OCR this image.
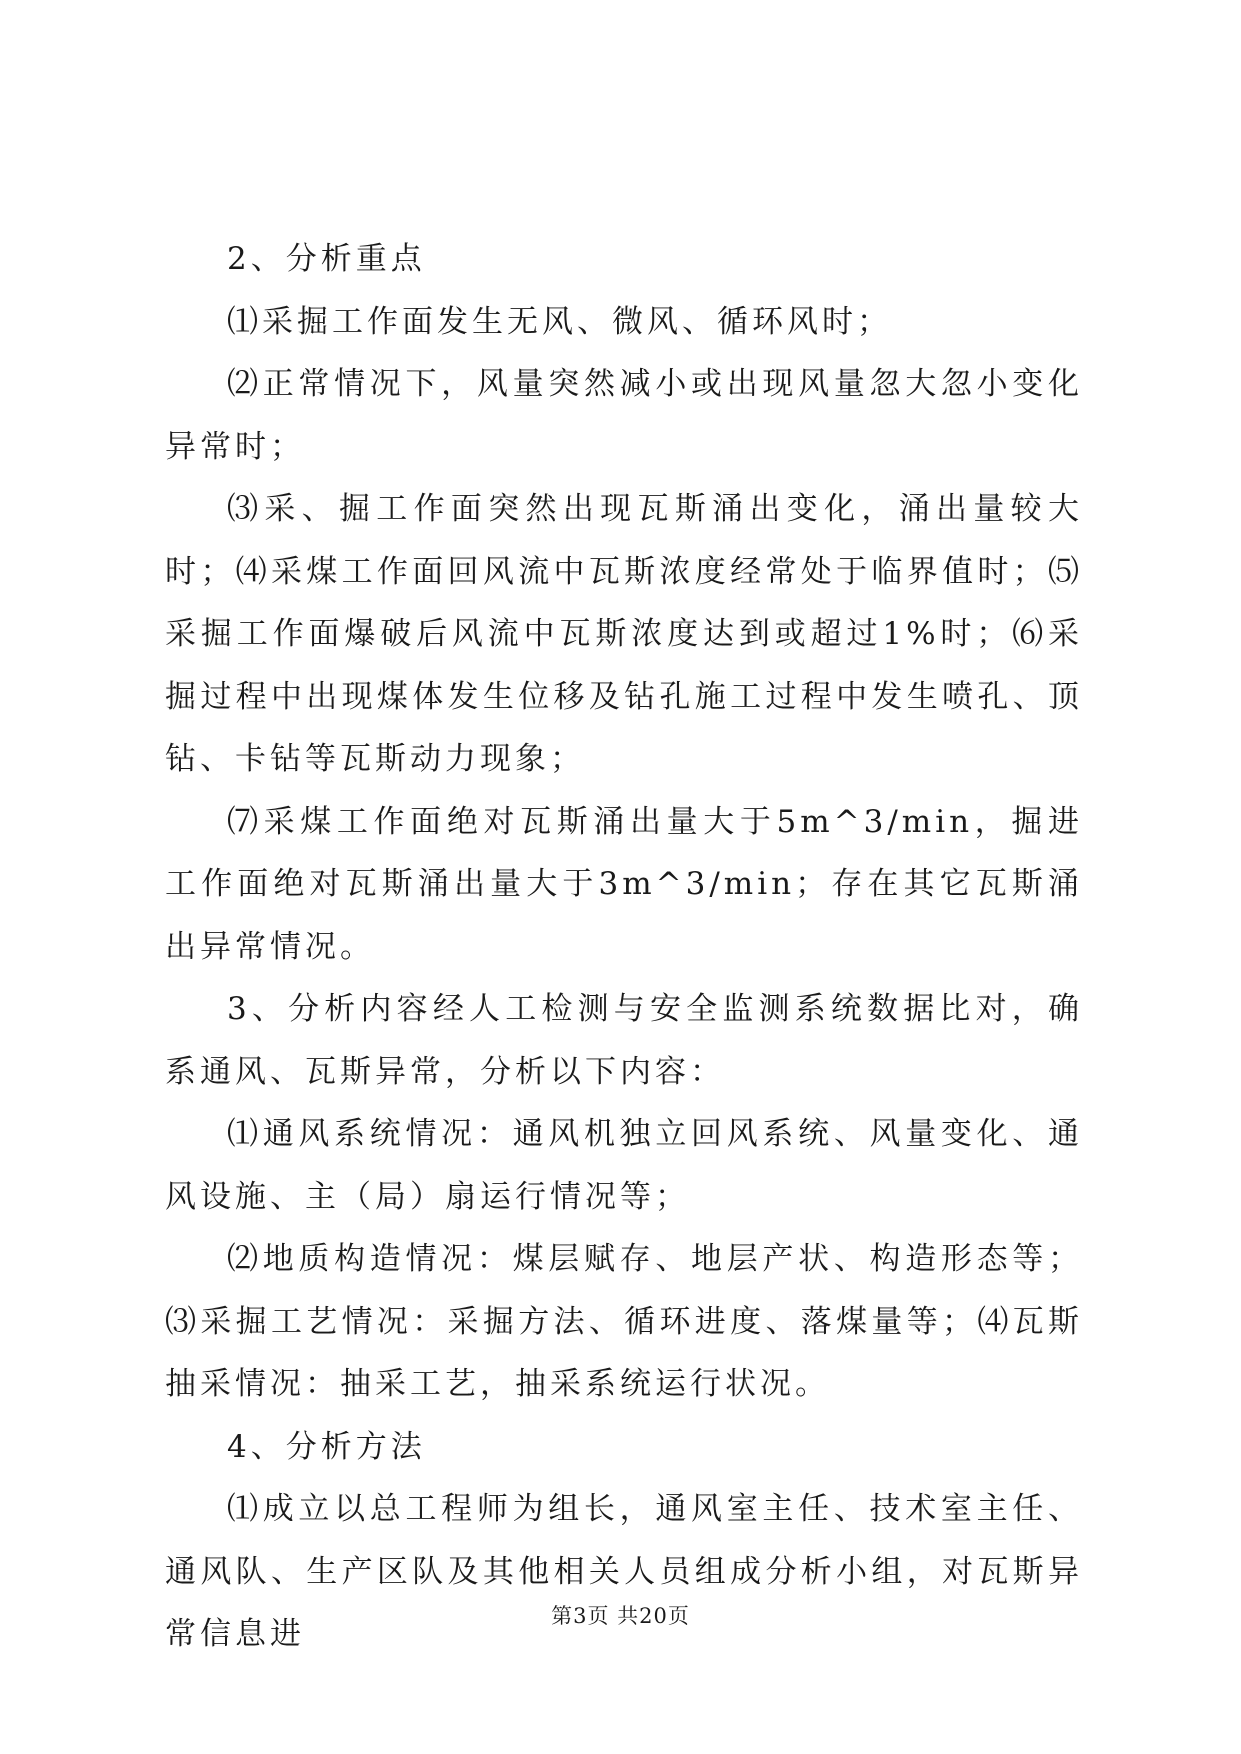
2、分析重点

⑴采掘工作面发生无风、微风、循环风时；

⑵正常情况下，风量突然减小或出现风量忽大忽小变化异常时；

⑶采、掘工作面突然出现瓦斯涌出变化，涌出量较大时；⑷采煤工作面回风流中瓦斯浓度经常处于临界值时；⑸采掘工作面爆破后风流中瓦斯浓度达到或超过1%时；⑹采掘过程中出现煤体发生位移及钻孔施工过程中发生喷孔、顶钻、卡钻等瓦斯动力现象；

⑺采煤工作面绝对瓦斯涌出量大于5m^3/min，掘进工作面绝对瓦斯涌出量大于3m^3/min；存在其它瓦斯涌出异常情况。

3、分析内容经人工检测与安全监测系统数据比对，确系通风、瓦斯异常，分析以下内容：

⑴通风系统情况：通风机独立回风系统、风量变化、通风设施、主（局）扇运行情况等；

⑵地质构造情况：煤层赋存、地层产状、构造形态等；⑶采掘工艺情况：采掘方法、循环进度、落煤量等；⑷瓦斯抽采情况：抽采工艺，抽采系统运行状况。

4、分析方法

⑴成立以总工程师为组长，通风室主任、技术室主任、通风队、生产区队及其他相关人员组成分析小组，对瓦斯异常信息进	第3页 共20页
